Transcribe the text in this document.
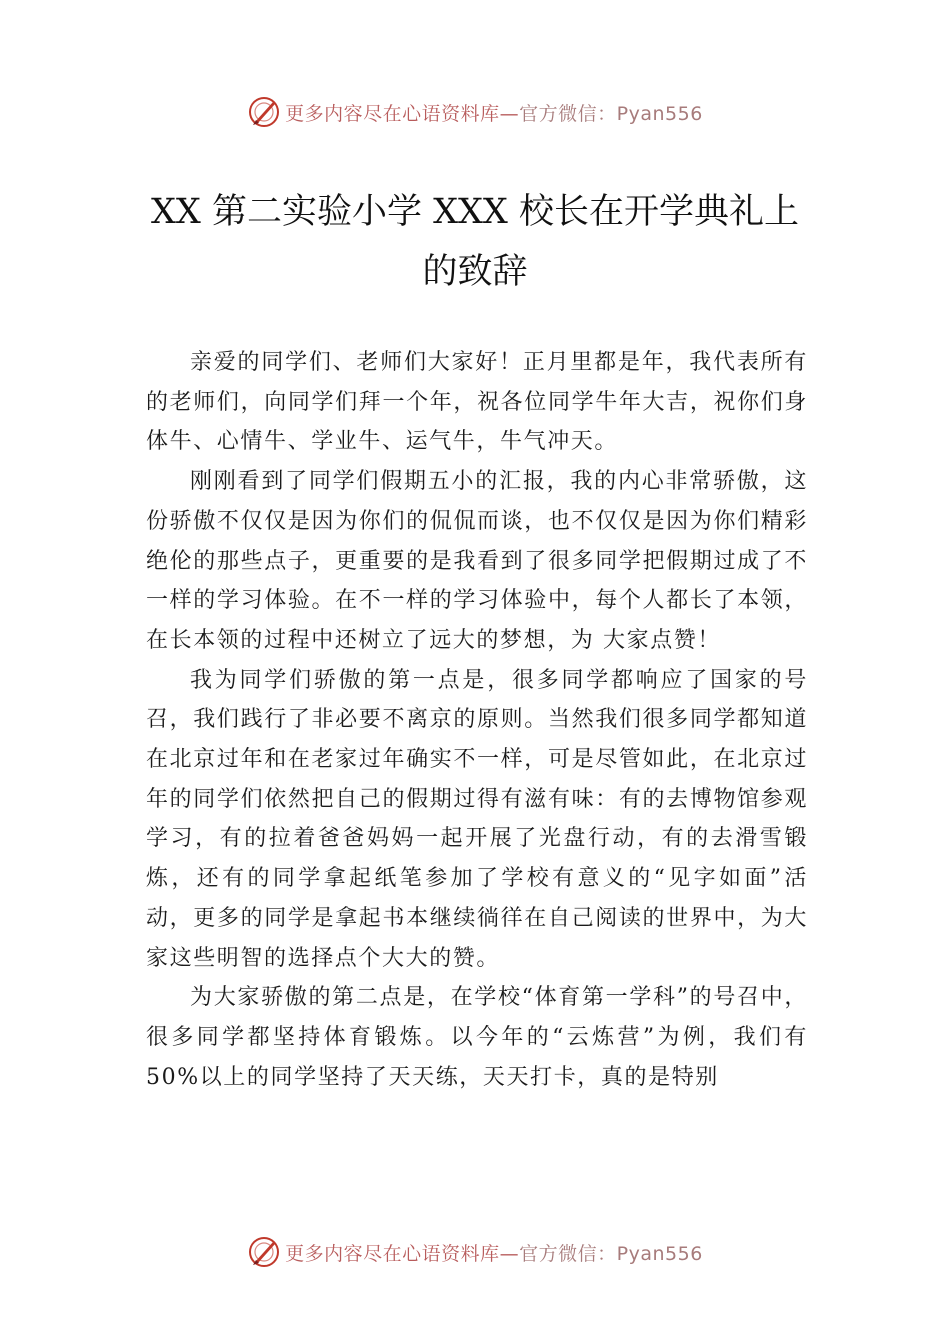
更多内容尽在心语资料库—官方微信：Pyan556
XX 第二实验小学 XXX 校长在开学典礼上
的致辞

亲爱的同学们、老师们大家好！正月里都是年，我代表所有的老师们，向同学们拜一个年，祝各位同学牛年大吉，祝你们身体牛、心情牛、学业牛、运气牛，牛气冲天。

刚刚看到了同学们假期五小的汇报，我的内心非常骄傲，这份骄傲不仅仅是因为你们的侃侃而谈，也不仅仅是因为你们精彩绝伦的那些点子，更重要的是我看到了很多同学把假期过成了不一样的学习体验。在不一样的学习体验中，每个人都长了本领，在长本领的过程中还树立了远大的梦想，为 大家点赞！

我为同学们骄傲的第一点是，很多同学都响应了国家的号召，我们践行了非必要不离京的原则。当然我们很多同学都知道在北京过年和在老家过年确实不一样，可是尽管如此，在北京过年的同学们依然把自己的假期过得有滋有味：有的去博物馆参观学习，有的拉着爸爸妈妈一起开展了光盘行动，有的去滑雪锻炼，还有的同学拿起纸笔参加了学校有意义的“见字如面”活动，更多的同学是拿起书本继续徜徉在自己阅读的世界中，为大家这些明智的选择点个大大的赞。

为大家骄傲的第二点是，在学校“体育第一学科”的号召中，很多同学都坚持体育锻炼。以今年的“云炼营”为例，我们有 50%以上的同学坚持了天天练，天天打卡，真的是特别

更多内容尽在心语资料库—官方微信：Pyan556
